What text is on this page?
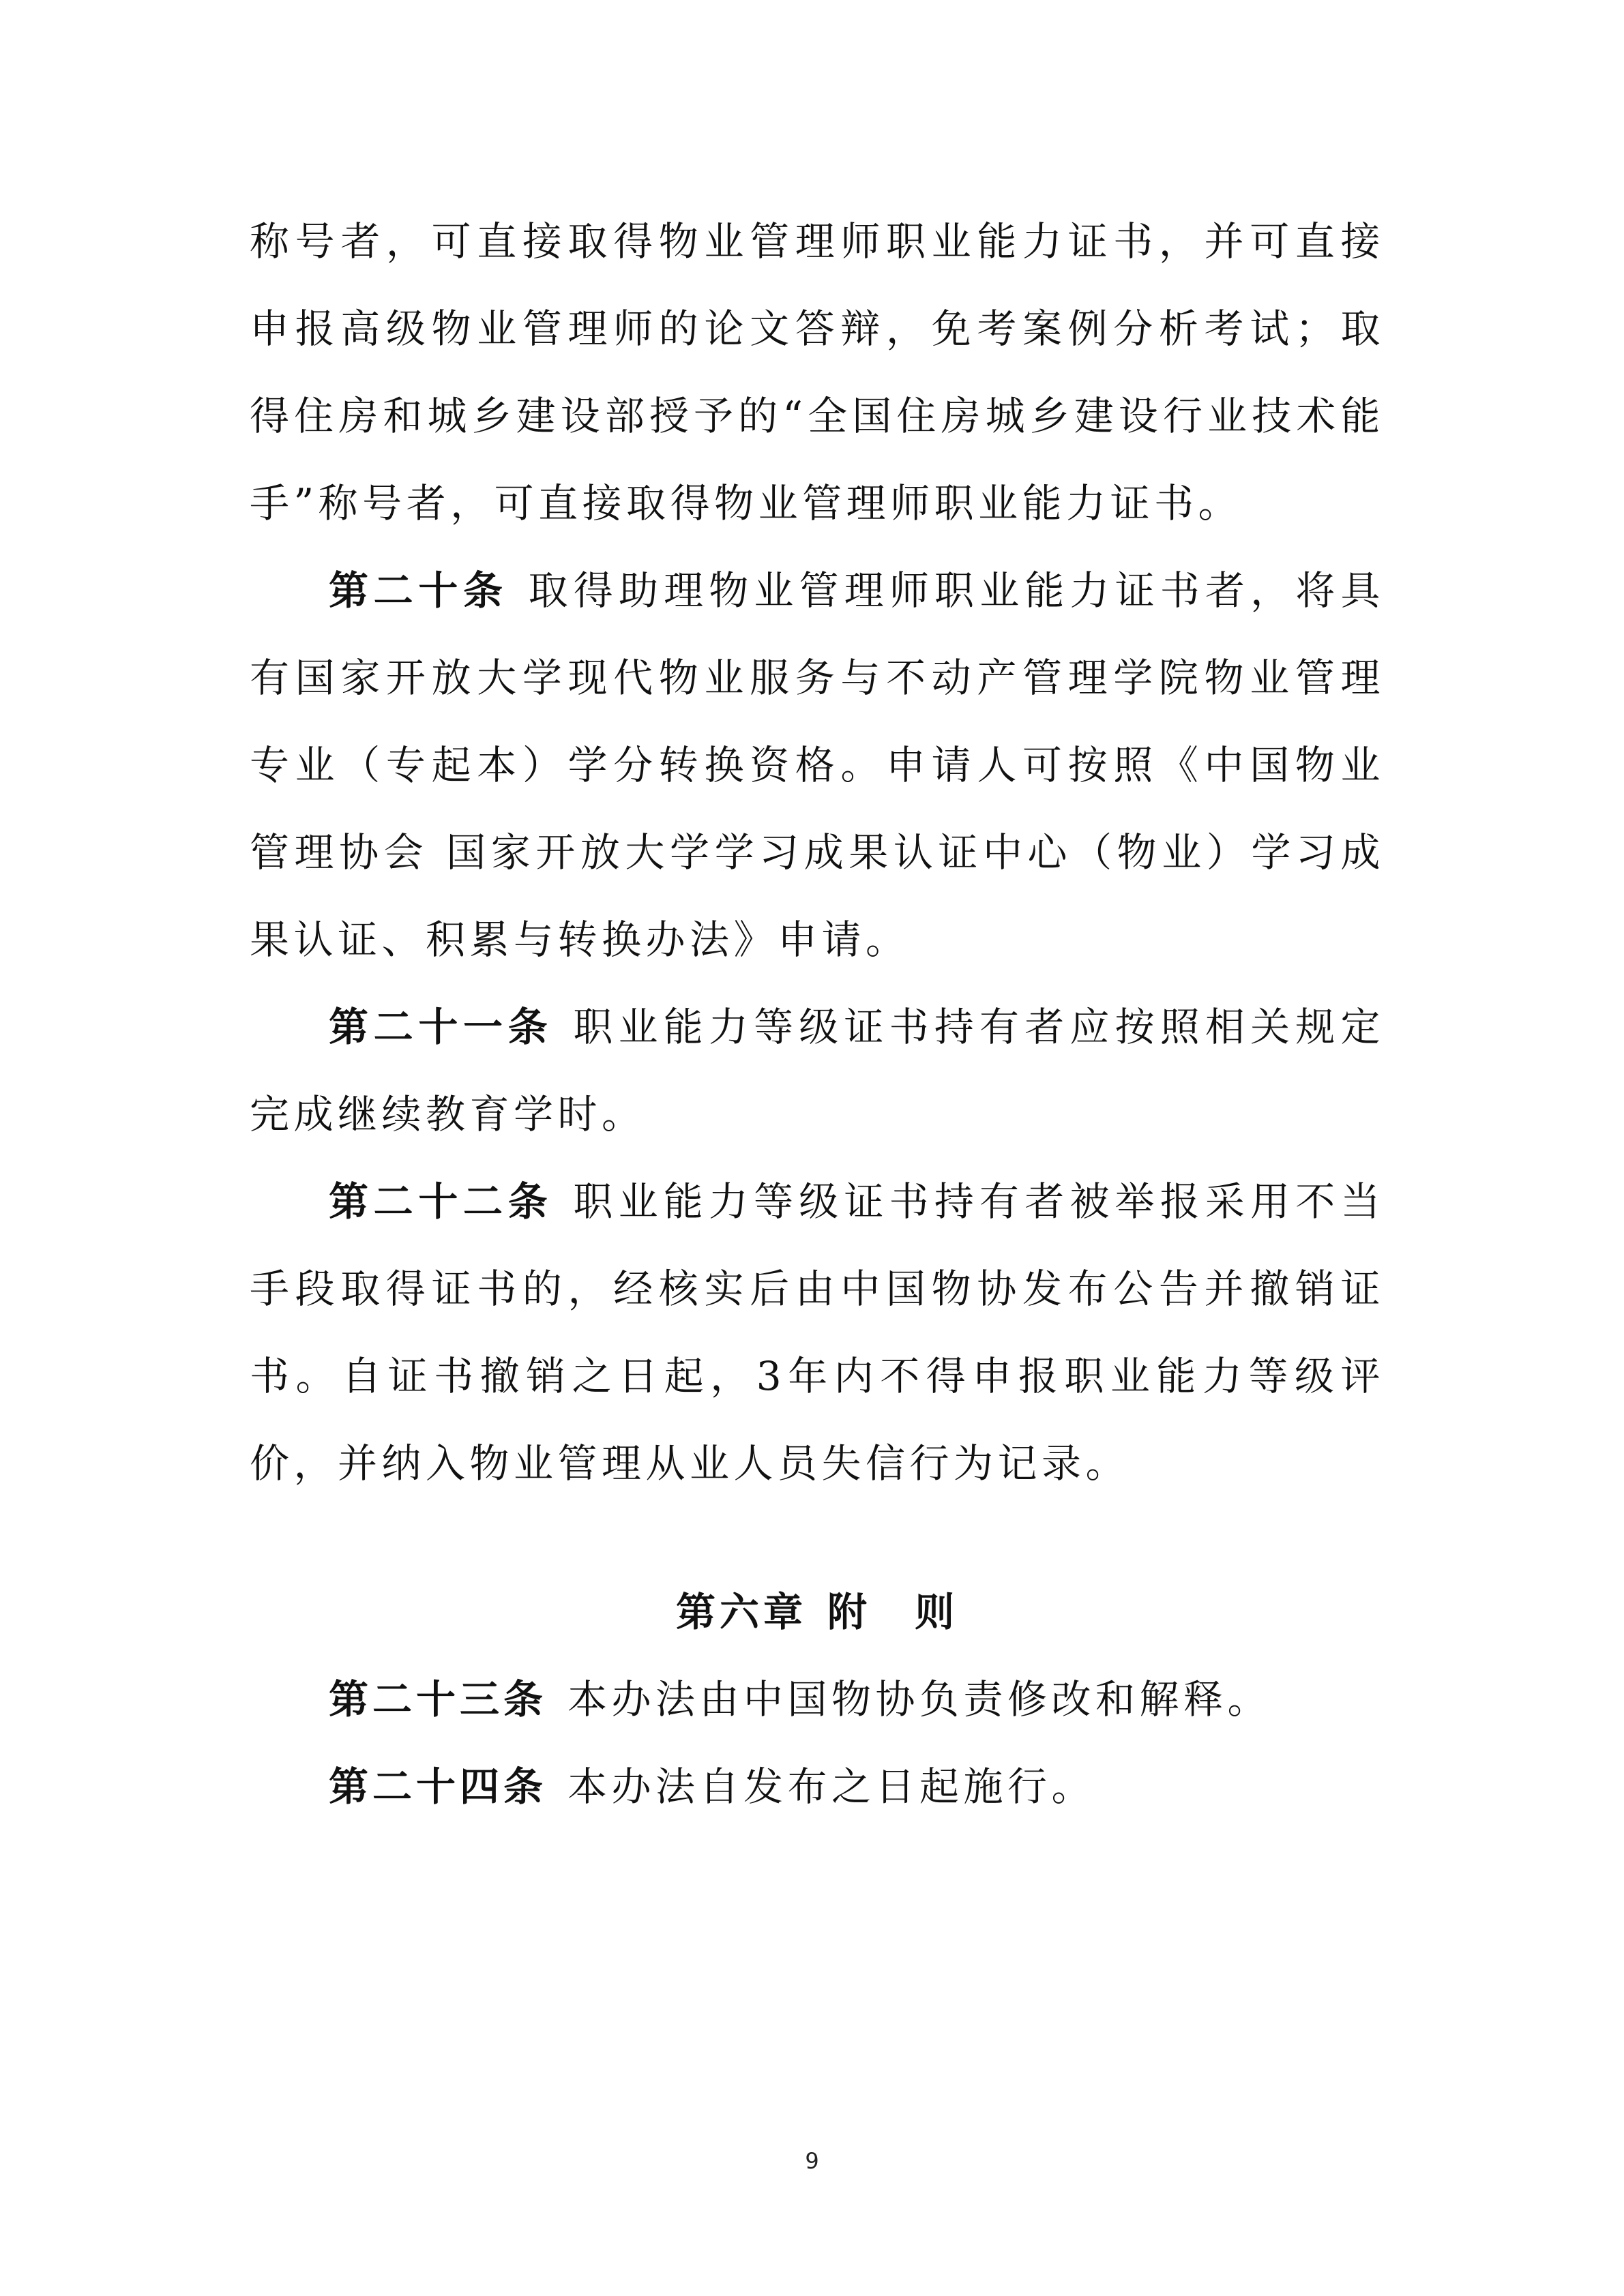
称号者，可直接取得物业管理师职业能力证书，并可直接申报高级物业管理师的论文答辩，免考案例分析考试；取得住房和城乡建设部授予的“全国住房城乡建设行业技术能手”称号者，可直接取得物业管理师职业能力证书。

第二十条 取得助理物业管理师职业能力证书者，将具有国家开放大学现代物业服务与不动产管理学院物业管理专业（专起本）学分转换资格。申请人可按照《中国物业管理协会 国家开放大学学习成果认证中心（物业）学习成果认证、积累与转换办法》申请。

第二十一条 职业能力等级证书持有者应按照相关规定完成继续教育学时。

第二十二条 职业能力等级证书持有者被举报采用不当手段取得证书的，经核实后由中国物协发布公告并撤销证书。自证书撤销之日起，3年内不得申报职业能力等级评价，并纳入物业管理从业人员失信行为记录。

第六章 附　则

第二十三条 本办法由中国物协负责修改和解释。

第二十四条 本办法自发布之日起施行。

9
